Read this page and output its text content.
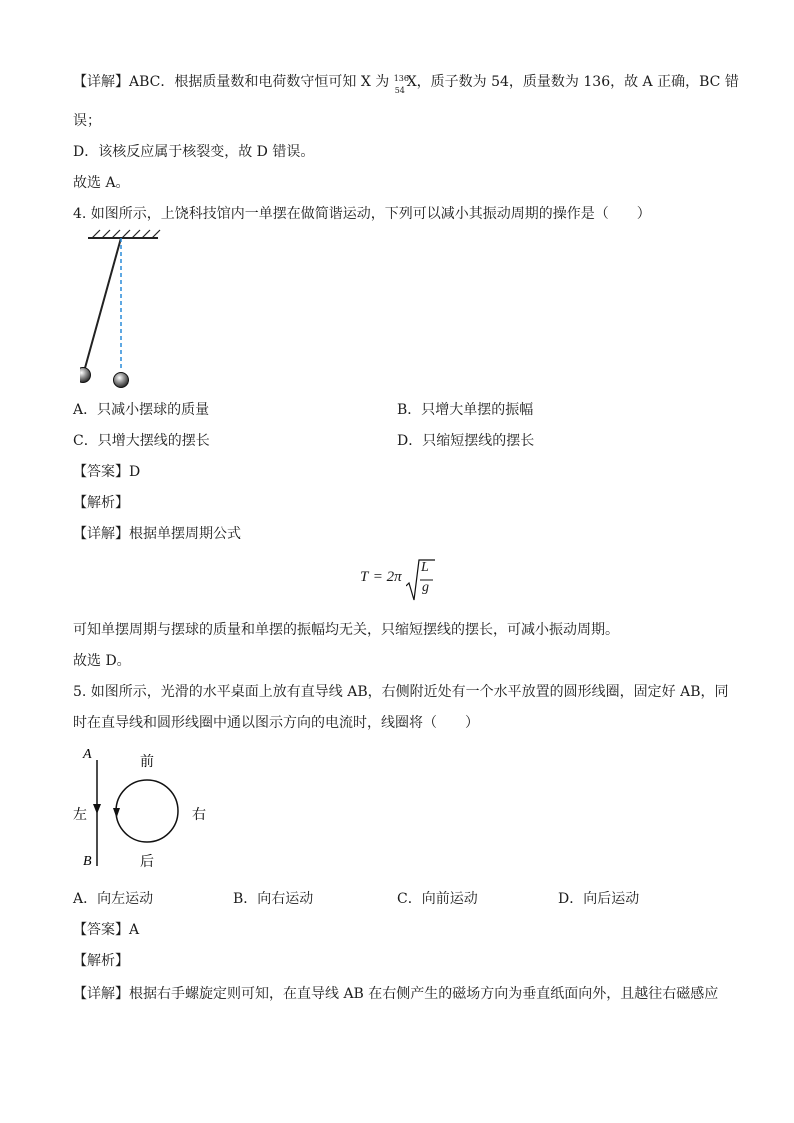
【详解】ABC．根据质量数和电荷数守恒可知 X 为 136
54
X，质子数为 54，质量数为 136，故 A 正确，BC 错
误；
D．该核反应属于核裂变，故 D 错误。
故选 A。
4. 如图所示，上饶科技馆内一单摆在做简谐运动，下列可以减小其振动周期的操作是（　　）
A．只减小摆球的质量	B．只增大单摆的振幅
C．只增大摆线的摆长	D．只缩短摆线的摆长
【答案】D
【解析】
【详解】根据单摆周期公式
T = 2π
L
g
可知单摆周期与摆球的质量和单摆的振幅均无关，只缩短摆线的摆长，可减小振动周期。
故选 D。
5. 如图所示，光滑的水平桌面上放有直导线 AB，右侧附近处有一个水平放置的圆形线圈，固定好 AB，同
时在直导线和圆形线圈中通以图示方向的电流时，线圈将（　　）
A
B
左	右
前
后
A．向左运动	B．向右运动	C．向前运动	D．向后运动
【答案】A
【解析】
【详解】根据右手螺旋定则可知，在直导线 AB 在右侧产生的磁场方向为垂直纸面向外，且越往右磁感应
